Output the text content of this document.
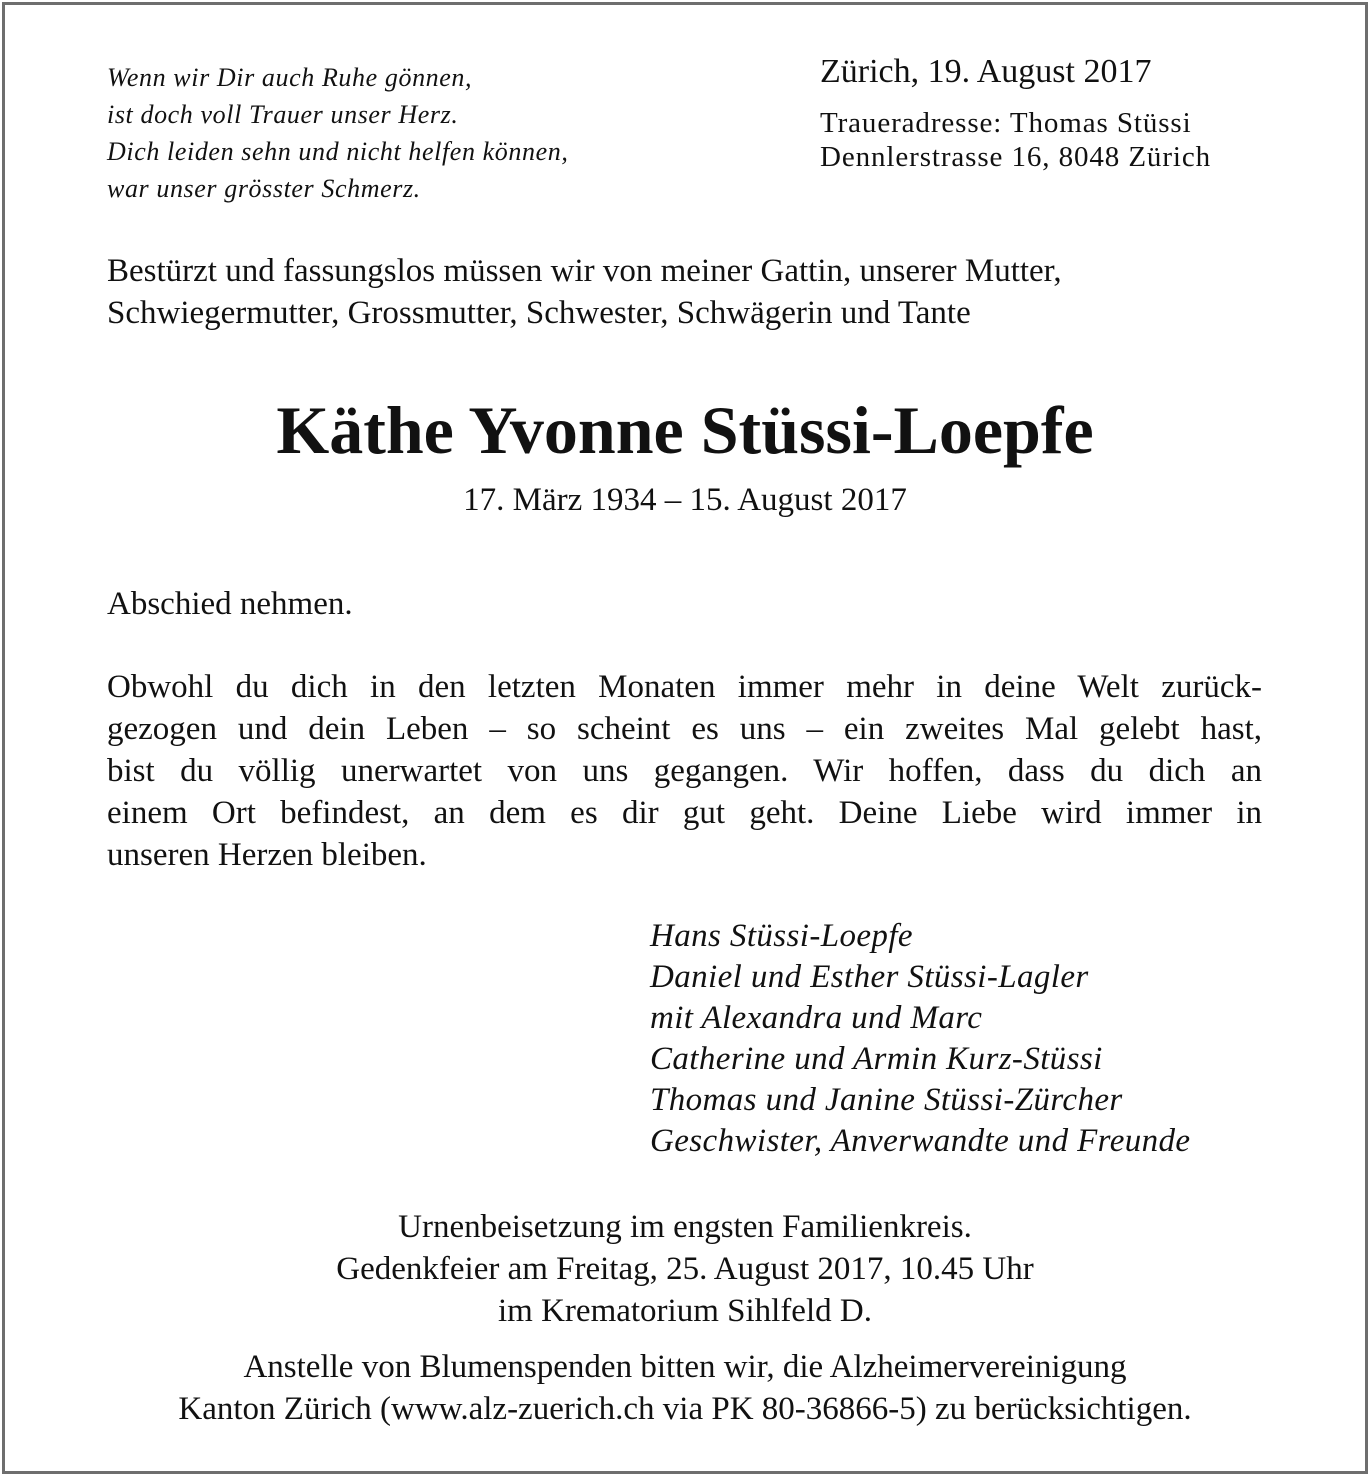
Wenn wir Dir auch Ruhe gönnen,
ist doch voll Trauer unser Herz.
Dich leiden sehn und nicht helfen können,
war unser grösster Schmerz.
Zürich, 19. August 2017
Traueradresse: Thomas Stüssi
Dennlerstrasse 16, 8048 Zürich
Bestürzt und fassungslos müssen wir von meiner Gattin, unserer Mutter,
Schwiegermutter, Grossmutter, Schwester, Schwägerin und Tante
Käthe Yvonne Stüssi-Loepfe
17. März 1934 – 15. August 2017
Abschied nehmen.
Obwohl du dich in den letzten Monaten immer mehr in deine Welt zurück-
gezogen und dein Leben – so scheint es uns – ein zweites Mal gelebt hast,
bist du völlig unerwartet von uns gegangen. Wir hoffen, dass du dich an
einem Ort befindest, an dem es dir gut geht. Deine Liebe wird immer in
unseren Herzen bleiben.
Hans Stüssi-Loepfe
Daniel und Esther Stüssi-Lagler
mit Alexandra und Marc
Catherine und Armin Kurz-Stüssi
Thomas und Janine Stüssi-Zürcher
Geschwister, Anverwandte und Freunde
Urnenbeisetzung im engsten Familienkreis.
Gedenkfeier am Freitag, 25. August 2017, 10.45 Uhr
im Krematorium Sihlfeld D.
Anstelle von Blumenspenden bitten wir, die Alzheimervereinigung
Kanton Zürich (www.alz-zuerich.ch via PK 80-36866-5) zu berücksichtigen.
